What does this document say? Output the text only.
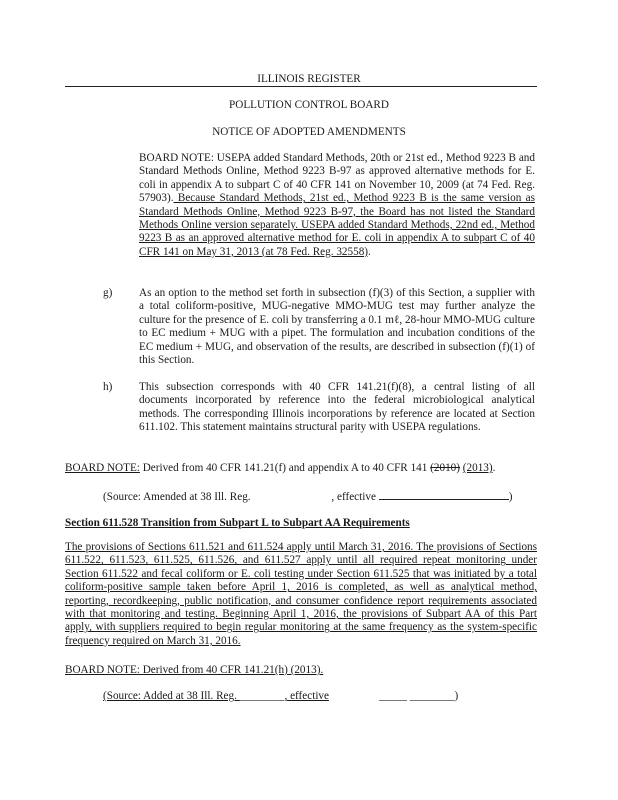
ILLINOIS REGISTER
POLLUTION CONTROL BOARD
NOTICE OF ADOPTED AMENDMENTS
BOARD NOTE: USEPA added Standard Methods, 20th or 21st ed., Method 9223 B and Standard Methods Online, Method 9223 B-97 as approved alternative methods for E. coli in appendix A to subpart C of 40 CFR 141 on November 10, 2009 (at 74 Fed. Reg. 57903). Because Standard Methods, 21st ed., Method 9223 B is the same version as Standard Methods Online, Method 9223 B-97, the Board has not listed the Standard Methods Online version separately. USEPA added Standard Methods, 22nd ed., Method 9223 B as an approved alternative method for E. coli in appendix A to subpart C of 40 CFR 141 on May 31, 2013 (at 78 Fed. Reg. 32558).
g) As an option to the method set forth in subsection (f)(3) of this Section, a supplier with a total coliform-positive, MUG-negative MMO-MUG test may further analyze the culture for the presence of E. coli by transferring a 0.1 mℓ, 28-hour MMO-MUG culture to EC medium + MUG with a pipet. The formulation and incubation conditions of the EC medium + MUG, and observation of the results, are described in subsection (f)(1) of this Section.
h) This subsection corresponds with 40 CFR 141.21(f)(8), a central listing of all documents incorporated by reference into the federal microbiological analytical methods. The corresponding Illinois incorporations by reference are located at Section 611.102. This statement maintains structural parity with USEPA regulations.
BOARD NOTE: Derived from 40 CFR 141.21(f) and appendix A to 40 CFR 141 (2010) (2013).
(Source: Amended at 38 Ill. Reg.	, effective	)
Section 611.528 Transition from Subpart L to Subpart AA Requirements
The provisions of Sections 611.521 and 611.524 apply until March 31, 2016. The provisions of Sections 611.522, 611.523, 611.525, 611.526, and 611.527 apply until all required repeat monitoring under Section 611.522 and fecal coliform or E. coli testing under Section 611.525 that was initiated by a total coliform-positive sample taken before April 1, 2016 is completed, as well as analytical method, reporting, recordkeeping, public notification, and consumer confidence report requirements associated with that monitoring and testing. Beginning April 1, 2016, the provisions of Subpart AA of this Part apply, with suppliers required to begin regular monitoring at the same frequency as the system-specific frequency required on March 31, 2016.
BOARD NOTE: Derived from 40 CFR 141.21(h) (2013).
(Source: Added at 38 Ill. Reg. ________, effective	_____ ________)
